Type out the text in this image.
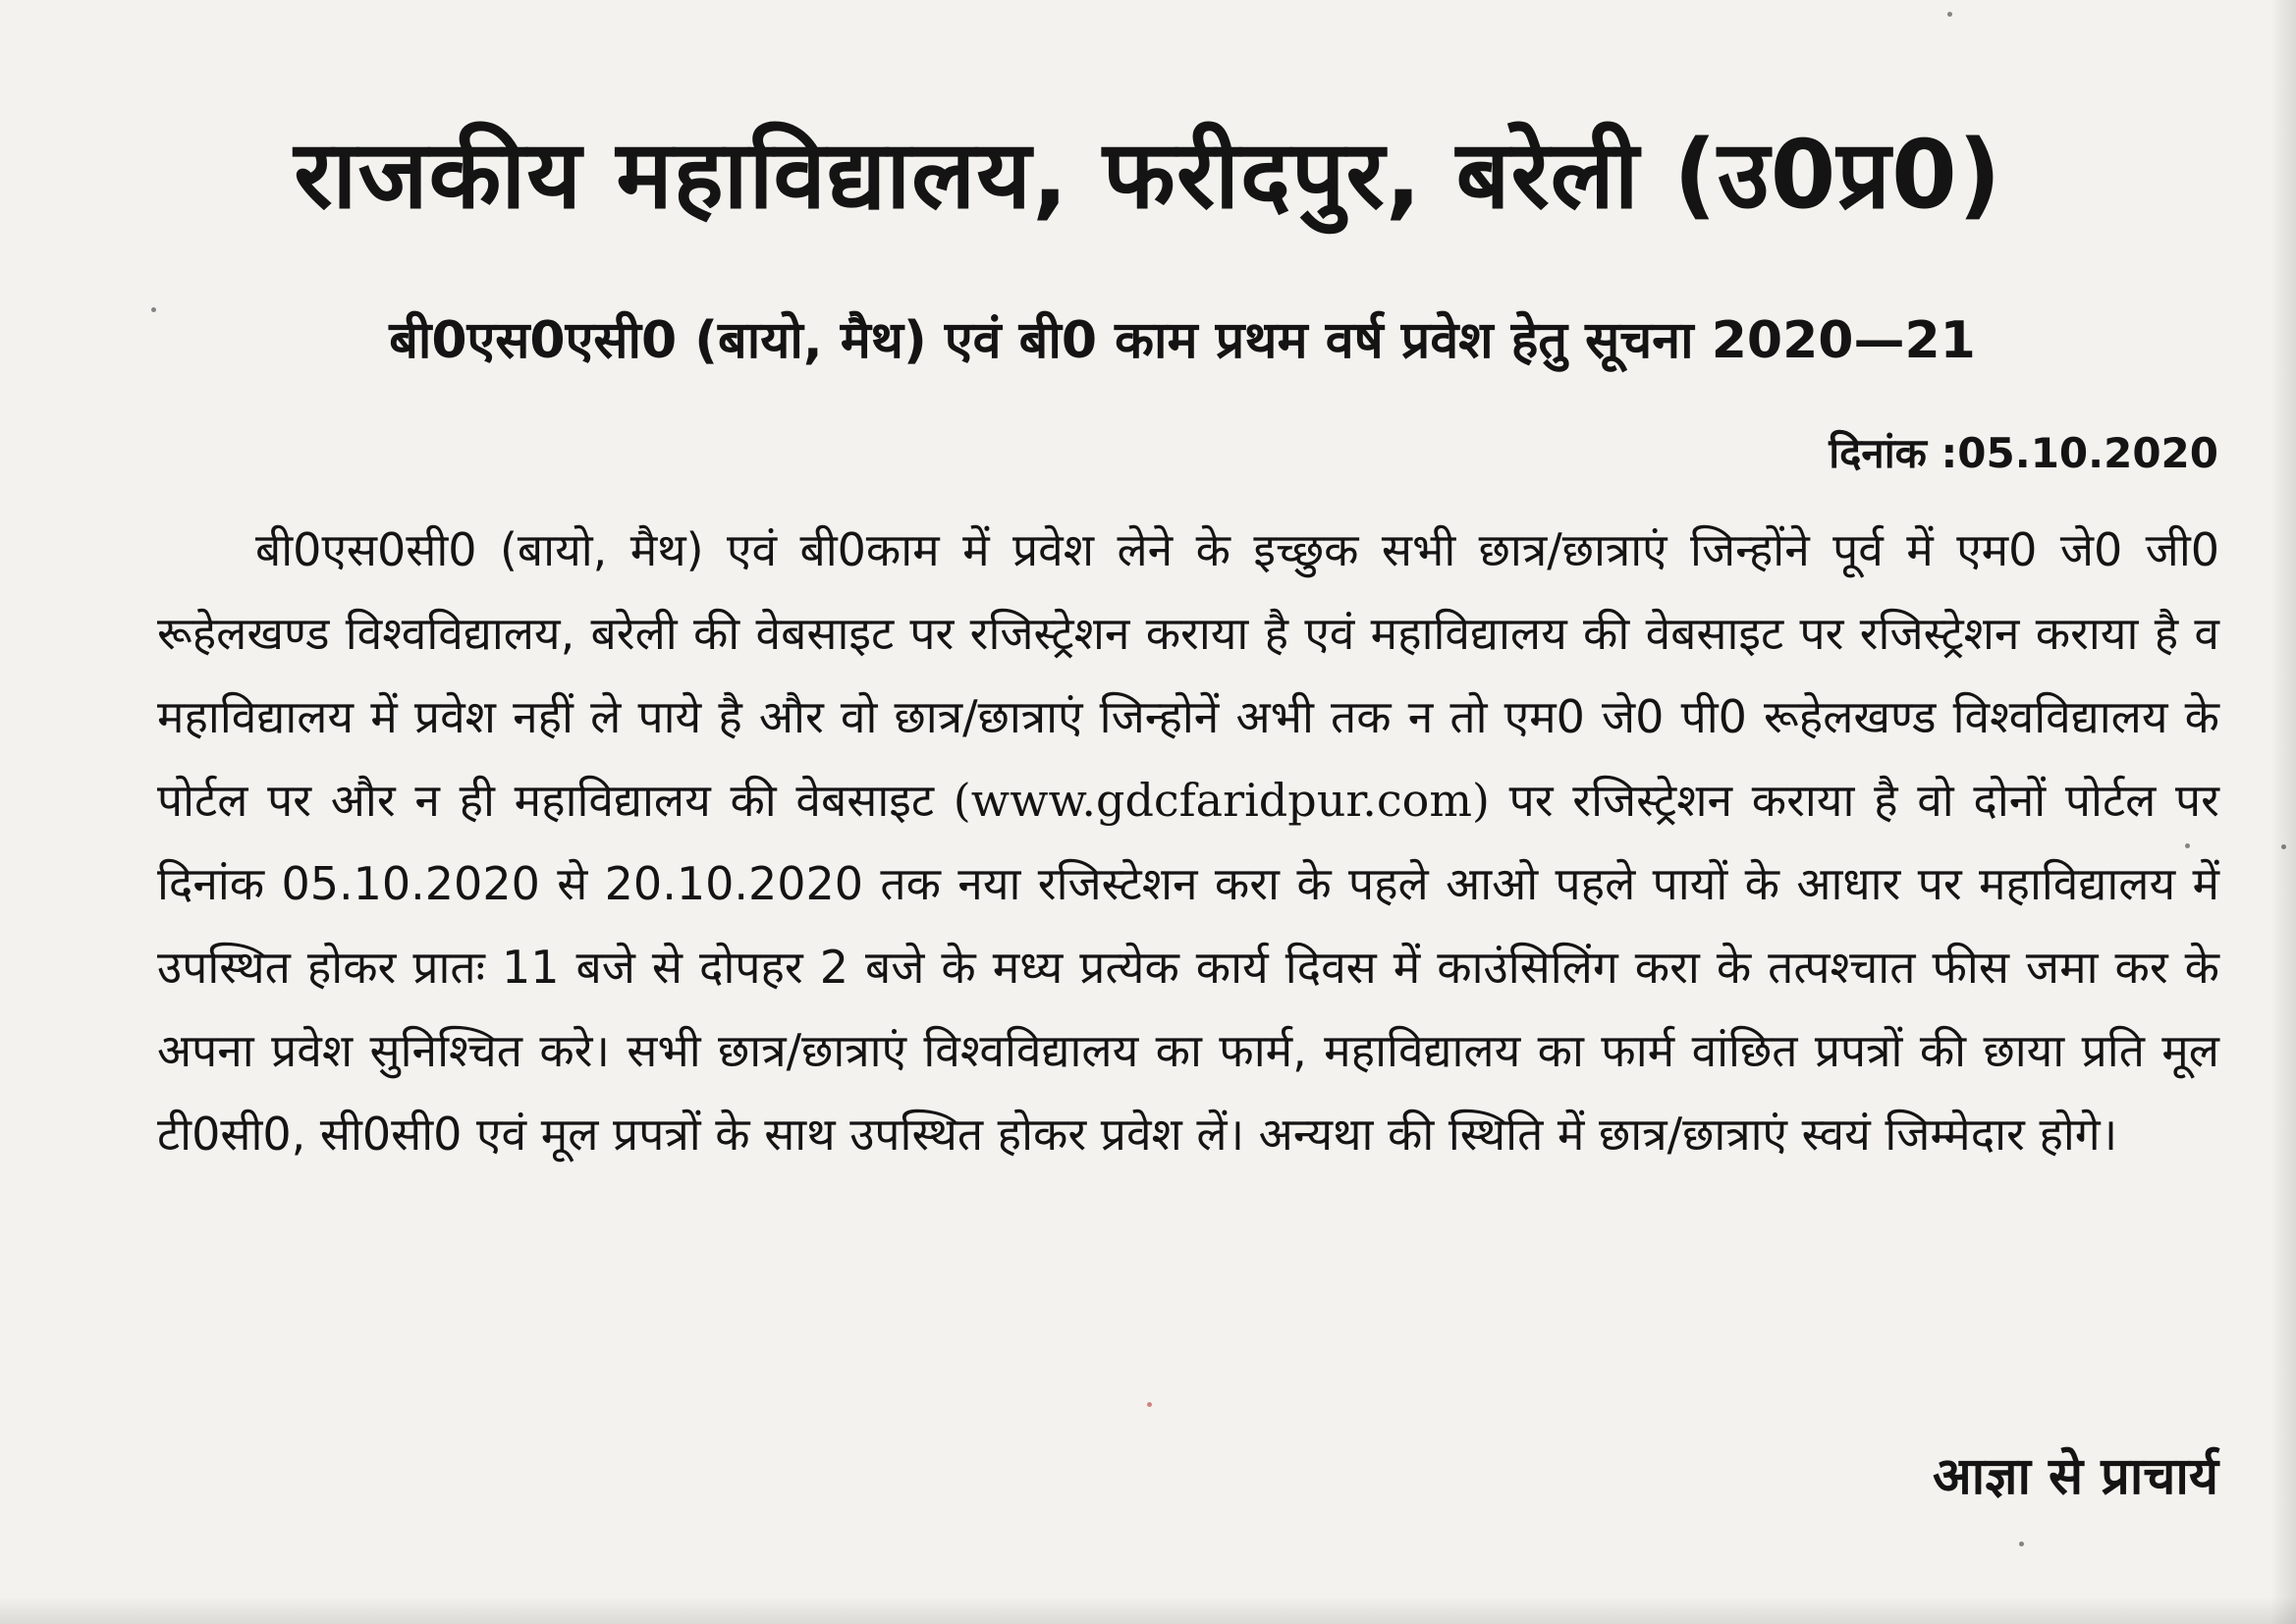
राजकीय महाविद्यालय, फरीदपुर, बरेली (उ0प्र0)
बी0एस0एसी0 (बायो, मैथ) एवं बी0 काम प्रथम वर्ष प्रवेश हेतु सूचना 2020—21
दिनांक :05.10.2020
बी0एस0सी0 (बायो, मैथ) एवं बी0काम में प्रवेश लेने के इच्छुक सभी छात्र/छात्राएं जिन्होंने पूर्व में एम0 जे0 जी0 रूहेलखण्ड विश्वविद्यालय, बरेली की वेबसाइट पर रजिस्ट्रेशन कराया है एवं महाविद्यालय की वेबसाइट पर रजिस्ट्रेशन कराया है व महाविद्यालय में प्रवेश नहीं ले पाये है और वो छात्र/छात्राएं जिन्होनें अभी तक न तो एम0 जे0 पी0 रूहेलखण्ड विश्वविद्यालय के पोर्टल पर और न ही महाविद्यालय की वेबसाइट (www.gdcfaridpur.com) पर रजिस्ट्रेशन कराया है वो दोनों पोर्टल पर दिनांक 05.10.2020 से 20.10.2020 तक नया रजिस्टेशन करा के पहले आओ पहले पायों के आधार पर महाविद्यालय में उपस्थित होकर प्रातः 11 बजे से दोपहर 2 बजे के मध्य प्रत्येक कार्य दिवस में काउंसिलिंग करा के तत्पश्चात फीस जमा कर के अपना प्रवेश सुनिश्चित करे। सभी छात्र/छात्राएं विश्वविद्यालय का फार्म, महाविद्यालय का फार्म वांछित प्रपत्रों की छाया प्रति मूल टी0सी0, सी0सी0 एवं मूल प्रपत्रों के साथ उपस्थित होकर प्रवेश लें। अन्यथा की स्थिति में छात्र/छात्राएं स्वयं जिम्मेदार होगे।
आज्ञा से प्राचार्य
